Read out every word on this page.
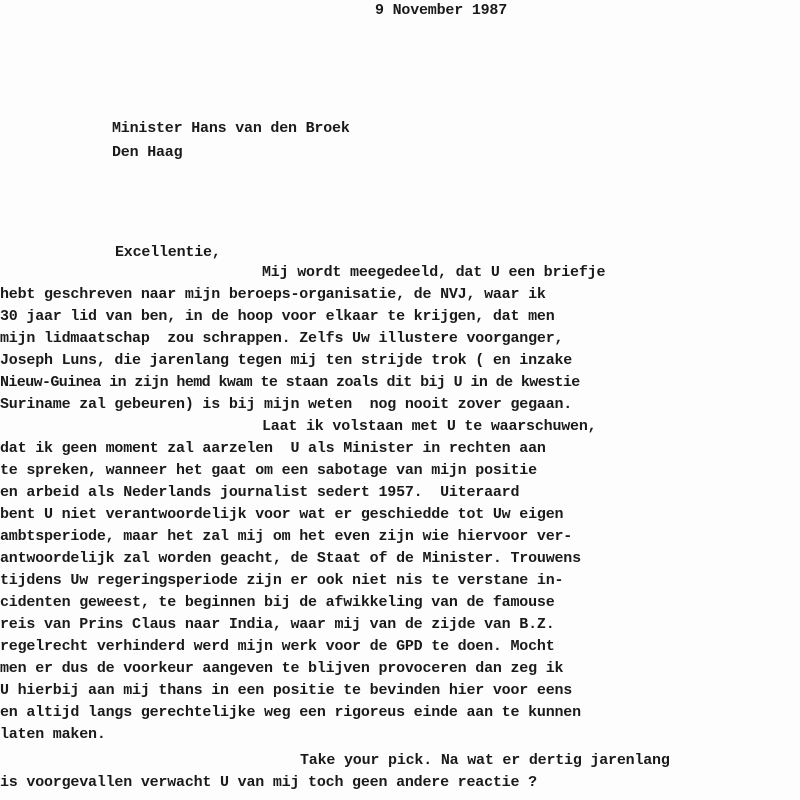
9 November 1987
Minister Hans van den Broek
Den Haag
Excellentie,
Mij wordt meegedeeld, dat U een briefje
hebt geschreven naar mijn beroeps-organisatie, de NVJ, waar ik
30 jaar lid van ben, in de hoop voor elkaar te krijgen, dat men
mijn lidmaatschap  zou schrappen. Zelfs Uw illustere voorganger,
Joseph Luns, die jarenlang tegen mij ten strijde trok ( en inzake
Nieuw-Guinea in zijn hemd kwam te staan zoals dit bij U in de kwestie
Suriname zal gebeuren) is bij mijn weten  nog nooit zover gegaan.
Laat ik volstaan met U te waarschuwen,
dat ik geen moment zal aarzelen  U als Minister in rechten aan
te spreken, wanneer het gaat om een sabotage van mijn positie
en arbeid als Nederlands journalist sedert 1957.  Uiteraard
bent U niet verantwoordelijk voor wat er geschiedde tot Uw eigen
ambtsperiode, maar het zal mij om het even zijn wie hiervoor ver-
antwoordelijk zal worden geacht, de Staat of de Minister. Trouwens
tijdens Uw regeringsperiode zijn er ook niet nis te verstane in-
cidenten geweest, te beginnen bij de afwikkeling van de famouse
reis van Prins Claus naar India, waar mij van de zijde van B.Z.
regelrecht verhinderd werd mijn werk voor de GPD te doen. Mocht
men er dus de voorkeur aangeven te blijven provoceren dan zeg ik
U hierbij aan mij thans in een positie te bevinden hier voor eens
en altijd langs gerechtelijke weg een rigoreus einde aan te kunnen
laten maken.
Take your pick. Na wat er dertig jarenlang
is voorgevallen verwacht U van mij toch geen andere reactie ?
